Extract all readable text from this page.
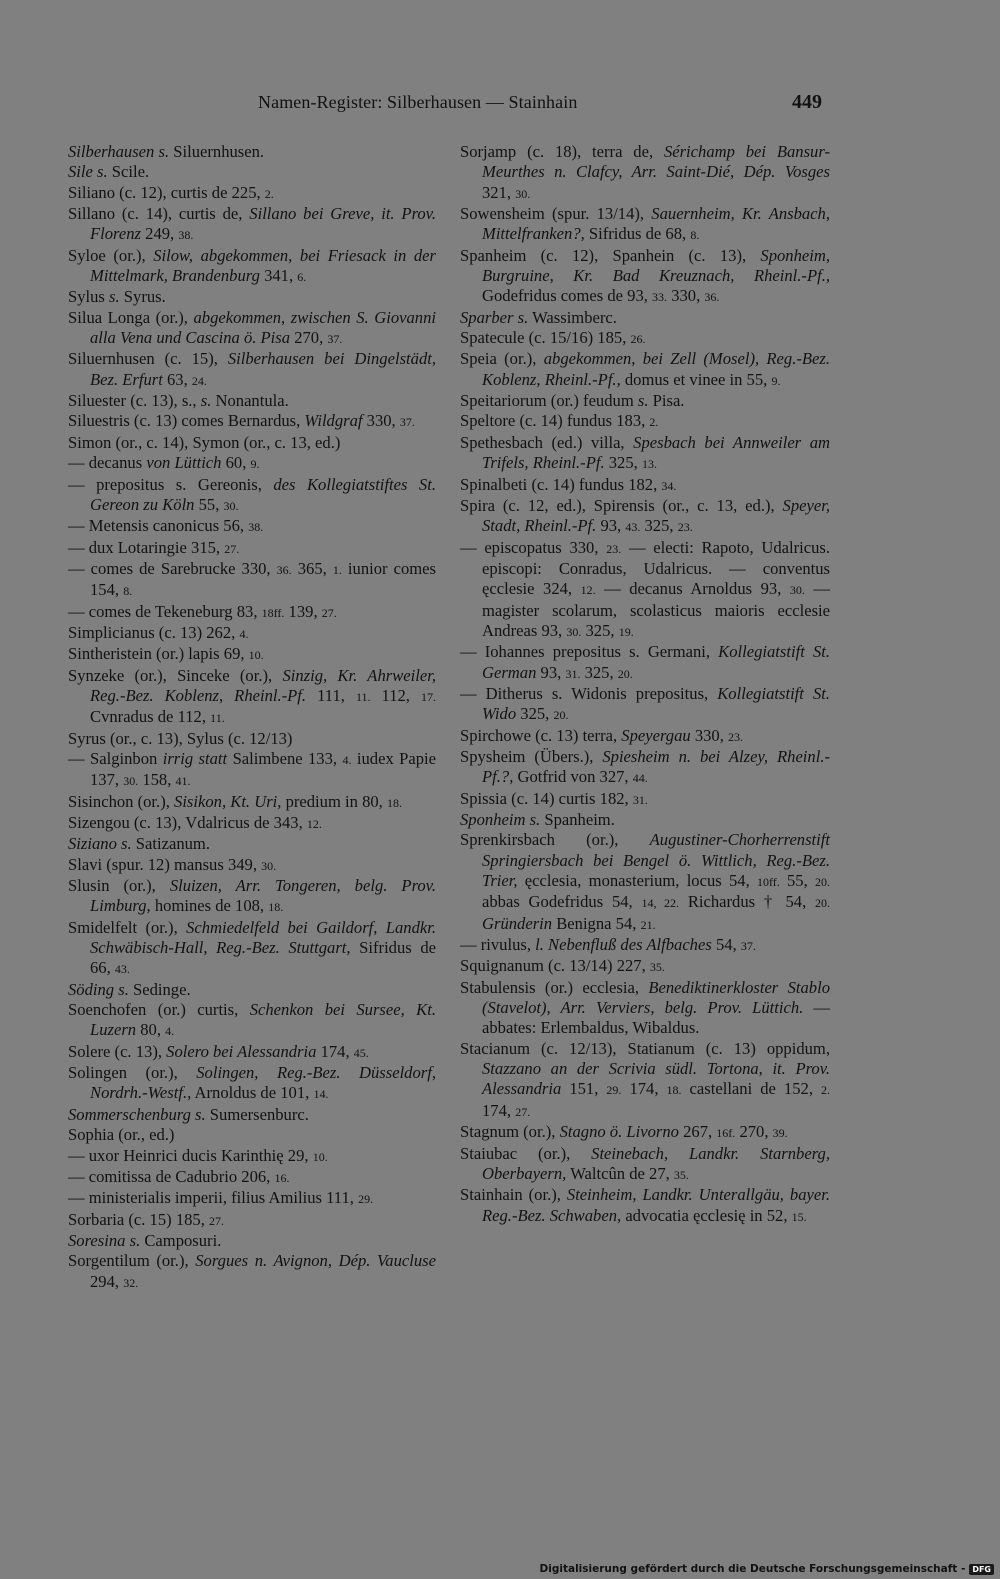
Namen-Register: Silberhausen — Stainhain	449
Silberhausen s. Siluernhusen.
Sile s. Scile.
Siliano (c. 12), curtis de 225, 2.
Sillano (c. 14), curtis de, Sillano bei Greve, it. Prov. Florenz 249, 38.
Syloe (or.), Silow, abgekommen, bei Friesack in der Mittelmark, Brandenburg 341, 6.
Sylus s. Syrus.
Silua Longa (or.), abgekommen, zwischen S. Giovanni alla Vena und Cascina ö. Pisa 270, 37.
Siluernhusen (c. 15), Silberhausen bei Dingelstädt, Bez. Erfurt 63, 24.
Siluester (c. 13), s., s. Nonantula.
Siluestris (c. 13) comes Bernardus, Wildgraf 330, 37.
Simon (or., c. 14), Symon (or., c. 13, ed.)
— decanus von Lüttich 60, 9.
— prepositus s. Gereonis, des Kollegiatstiftes St. Gereon zu Köln 55, 30.
— Metensis canonicus 56, 38.
— dux Lotaringie 315, 27.
— comes de Sarebrucke 330, 36. 365, 1. iunior comes 154, 8.
— comes de Tekeneburg 83, 18ff. 139, 27.
Simplicianus (c. 13) 262, 4.
Sintheristein (or.) lapis 69, 10.
Synzeke (or.), Sinceke (or.), Sinzig, Kr. Ahrweiler, Reg.-Bez. Koblenz, Rheinl.-Pf. 111, 11. 112, 17. Cvnradus de 112, 11.
Syrus (or., c. 13), Sylus (c. 12/13)
— Salginbon irrig statt Salimbene 133, 4. iudex Papie 137, 30. 158, 41.
Sisinchon (or.), Sisikon, Kt. Uri, predium in 80, 18.
Sizengou (c. 13), Vdalricus de 343, 12.
Siziano s. Satizanum.
Slavi (spur. 12) mansus 349, 30.
Slusin (or.), Sluizen, Arr. Tongeren, belg. Prov. Limburg, homines de 108, 18.
Smidelfelt (or.), Schmiedelfeld bei Gaildorf, Landkr. Schwäbisch-Hall, Reg.-Bez. Stuttgart, Sifridus de 66, 43.
Söding s. Sedinge.
Soenchofen (or.) curtis, Schenkon bei Sursee, Kt. Luzern 80, 4.
Solere (c. 13), Solero bei Alessandria 174, 45.
Solingen (or.), Solingen, Reg.-Bez. Düsseldorf, Nordrh.-Westf., Arnoldus de 101, 14.
Sommerschenburg s. Sumersenburc.
Sophia (or., ed.)
— uxor Heinrici ducis Karinthię 29, 10.
— comitissa de Cadubrio 206, 16.
— ministerialis imperii, filius Amilius 111, 29.
Sorbaria (c. 15) 185, 27.
Soresina s. Camposuri.
Sorgentilum (or.), Sorgues n. Avignon, Dép. Vaucluse 294, 32.
Sorjamp (c. 18), terra de, Sérichamp bei Bansur-Meurthes n. Clafcy, Arr. Saint-Dié, Dép. Vosges 321, 30.
Sowensheim (spur. 13/14), Sauernheim, Kr. Ansbach, Mittelfranken?, Sifridus de 68, 8.
Spanheim (c. 12), Spanhein (c. 13), Sponheim, Burgruine, Kr. Bad Kreuznach, Rheinl.-Pf., Godefridus comes de 93, 33. 330, 36.
Sparber s. Wassimberc.
Spatecule (c. 15/16) 185, 26.
Speia (or.), abgekommen, bei Zell (Mosel), Reg.-Bez. Koblenz, Rheinl.-Pf., domus et vinee in 55, 9.
Speitariorum (or.) feudum s. Pisa.
Speltore (c. 14) fundus 183, 2.
Spethesbach (ed.) villa, Spesbach bei Annweiler am Trifels, Rheinl.-Pf. 325, 13.
Spinalbeti (c. 14) fundus 182, 34.
Spira (c. 12, ed.), Spirensis (or., c. 13, ed.), Speyer, Stadt, Rheinl.-Pf. 93, 43. 325, 23.
— episcopatus 330, 23. — electi: Rapoto, Udalricus. episcopi: Conradus, Udalricus. — conventus ęcclesie 324, 12. — decanus Arnoldus 93, 30. — magister scolarum, scolasticus maioris ecclesie Andreas 93, 30. 325, 19.
— Iohannes prepositus s. Germani, Kollegiatstift St. German 93, 31. 325, 20.
— Ditherus s. Widonis prepositus, Kollegiatstift St. Wido 325, 20.
Spirchowe (c. 13) terra, Speyergau 330, 23.
Spysheim (Übers.), Spiesheim n. bei Alzey, Rheinl.-Pf.?, Gotfrid von 327, 44.
Spissia (c. 14) curtis 182, 31.
Sponheim s. Spanheim.
Sprenkirsbach (or.), Augustiner-Chorherrenstift Springiersbach bei Bengel ö. Wittlich, Reg.-Bez. Trier, ęcclesia, monasterium, locus 54, 10ff. 55, 20. abbas Godefridus 54, 14, 22. Richardus † 54, 20. Gründerin Benigna 54, 21.
— rivulus, l. Nebenfluß des Alfbaches 54, 37.
Squignanum (c. 13/14) 227, 35.
Stabulensis (or.) ecclesia, Benediktinerkloster Stablo (Stavelot), Arr. Verviers, belg. Prov. Lüttich. — abbates: Erlembaldus, Wibaldus.
Stacianum (c. 12/13), Statianum (c. 13) oppidum, Stazzano an der Scrivia südl. Tortona, it. Prov. Alessandria 151, 29. 174, 18. castellani de 152, 2. 174, 27.
Stagnum (or.), Stagno ö. Livorno 267, 16f. 270, 39.
Staiubac (or.), Steinebach, Landkr. Starnberg, Oberbayern, Waltcûn de 27, 35.
Stainhain (or.), Steinheim, Landkr. Unterallgäu, bayer. Reg.-Bez. Schwaben, advocatia ęcclesię in 52, 15.
Digitalisierung gefördert durch die Deutsche Forschungsgemeinschaft - DFG
